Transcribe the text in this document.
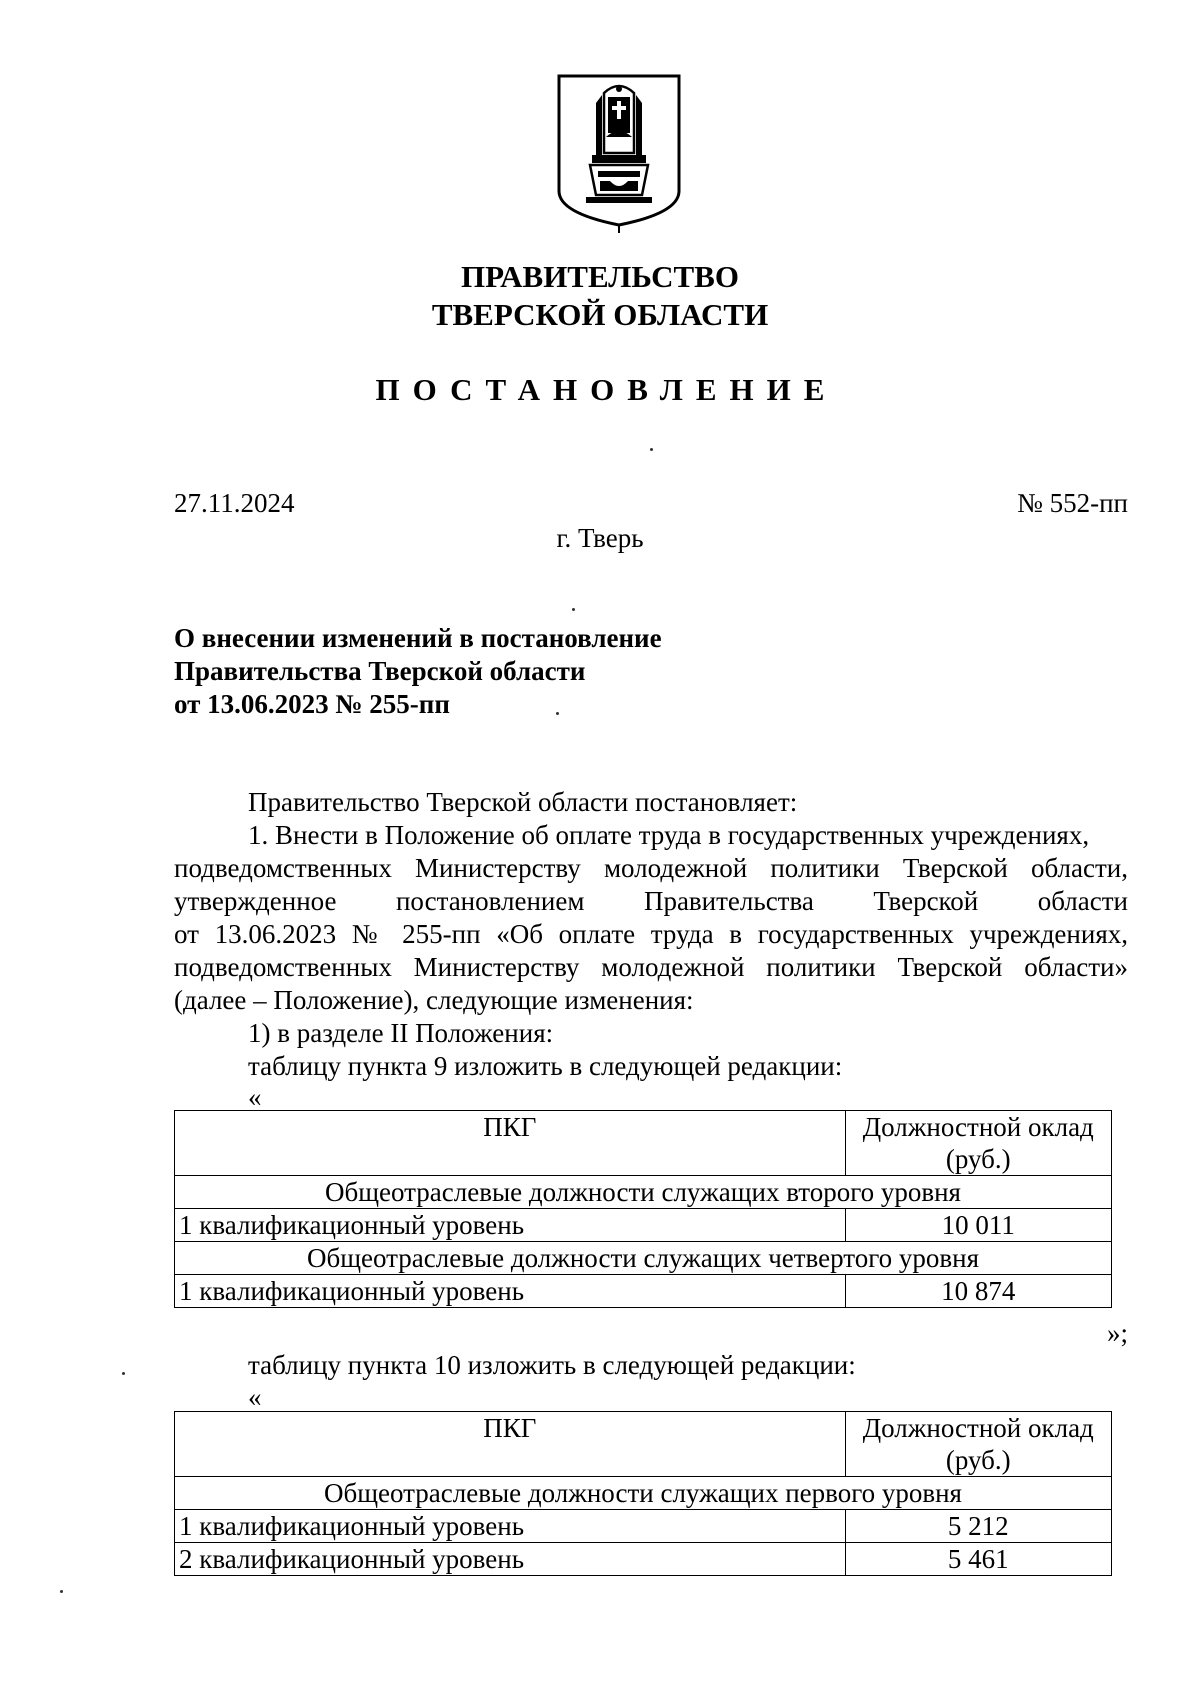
ПРАВИТЕЛЬСТВО
ТВЕРСКОЙ ОБЛАСТИ
ПОСТАНОВЛЕНИЕ
27.11.2024	№ 552-пп
г. Тверь
О внесении изменений в постановление
Правительства Тверской области
от 13.06.2023 № 255-пп
Правительство Тверской области постановляет:
1. Внести в Положение об оплате труда в государственных учреждениях,
подведомственных Министерству молодежной политики Тверской области,
утвержденное постановлением Правительства Тверской области
от 13.06.2023 № 255-пп «Об оплате труда в государственных учреждениях,
подведомственных Министерству молодежной политики Тверской области»
(далее – Положение), следующие изменения:
1) в разделе II Положения:
таблицу пункта 9 изложить в следующей редакции:
«
ПКГ	Должностной оклад (руб.)
Общеотраслевые должности служащих второго уровня	
1 квалификационный уровень	10 011
Общеотраслевые должности служащих четвертого уровня	
1 квалификационный уровень	10 874
»;
таблицу пункта 10 изложить в следующей редакции:
«
ПКГ	Должностной оклад (руб.)
Общеотраслевые должности служащих первого уровня	
1 квалификационный уровень	5 212
2 квалификационный уровень	5 461
